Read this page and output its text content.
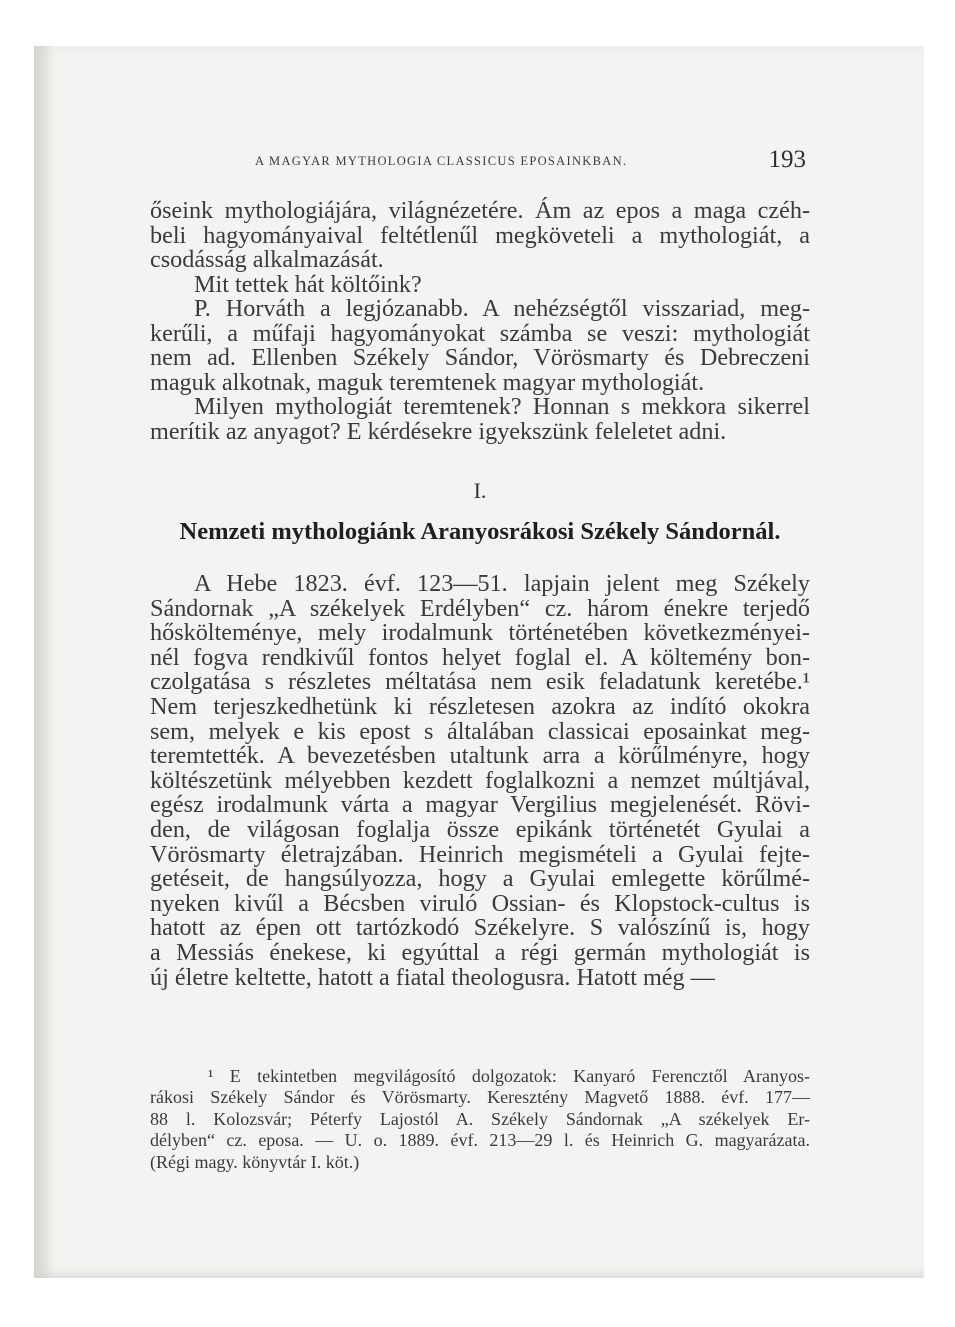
A MAGYAR MYTHOLOGIA CLASSICUS EPOSAINKBAN.	193
őseink mythologiájára, világnézetére. Ám az epos a maga czéh-
beli hagyományaival feltétlenűl megköveteli a mythologiát, a
csodásság alkalmazását.
Mit tettek hát költőink?
P. Horváth a legjózanabb. A nehézségtől visszariad, meg-
kerűli, a műfaji hagyományokat számba se veszi: mythologiát
nem ad. Ellenben Székely Sándor, Vörösmarty és Debreczeni
maguk alkotnak, maguk teremtenek magyar mythologiát.
Milyen mythologiát teremtenek? Honnan s mekkora sikerrel
merítik az anyagot? E kérdésekre igyekszünk feleletet adni.
I.
Nemzeti mythologiánk Aranyosrákosi Székely Sándornál.
A Hebe 1823. évf. 123—51. lapjain jelent meg Székely
Sándornak „A székelyek Erdélyben“ cz. három énekre terjedő
hőskölteménye, mely irodalmunk történetében következményei-
nél fogva rendkivűl fontos helyet foglal el. A költemény bon-
czolgatása s részletes méltatása nem esik feladatunk keretébe.¹
Nem terjeszkedhetünk ki részletesen azokra az indító okokra
sem, melyek e kis epost s általában classicai eposainkat meg-
teremtették. A bevezetésben utaltunk arra a körűlményre, hogy
költészetünk mélyebben kezdett foglalkozni a nemzet múltjával,
egész irodalmunk várta a magyar Vergilius megjelenését. Rövi-
den, de világosan foglalja össze epikánk történetét Gyulai a
Vörösmarty életrajzában. Heinrich megismételi a Gyulai fejte-
getéseit, de hangsúlyozza, hogy a Gyulai emlegette körűlmé-
nyeken kivűl a Bécsben viruló Ossian- és Klopstock-cultus is
hatott az épen ott tartózkodó Székelyre. S valószínű is, hogy
a Messiás énekese, ki egyúttal a régi germán mythologiát is
új életre keltette, hatott a fiatal theologusra. Hatott még —
¹ E tekintetben megvilágosító dolgozatok: Kanyaró Ferencztől Aranyos-
rákosi Székely Sándor és Vörösmarty. Keresztény Magvető 1888. évf. 177—
88 l. Kolozsvár; Péterfy Lajostól A. Székely Sándornak „A székelyek Er-
délyben“ cz. eposa. — U. o. 1889. évf. 213—29 l. és Heinrich G. magyarázata.
(Régi magy. könyvtár I. köt.)
